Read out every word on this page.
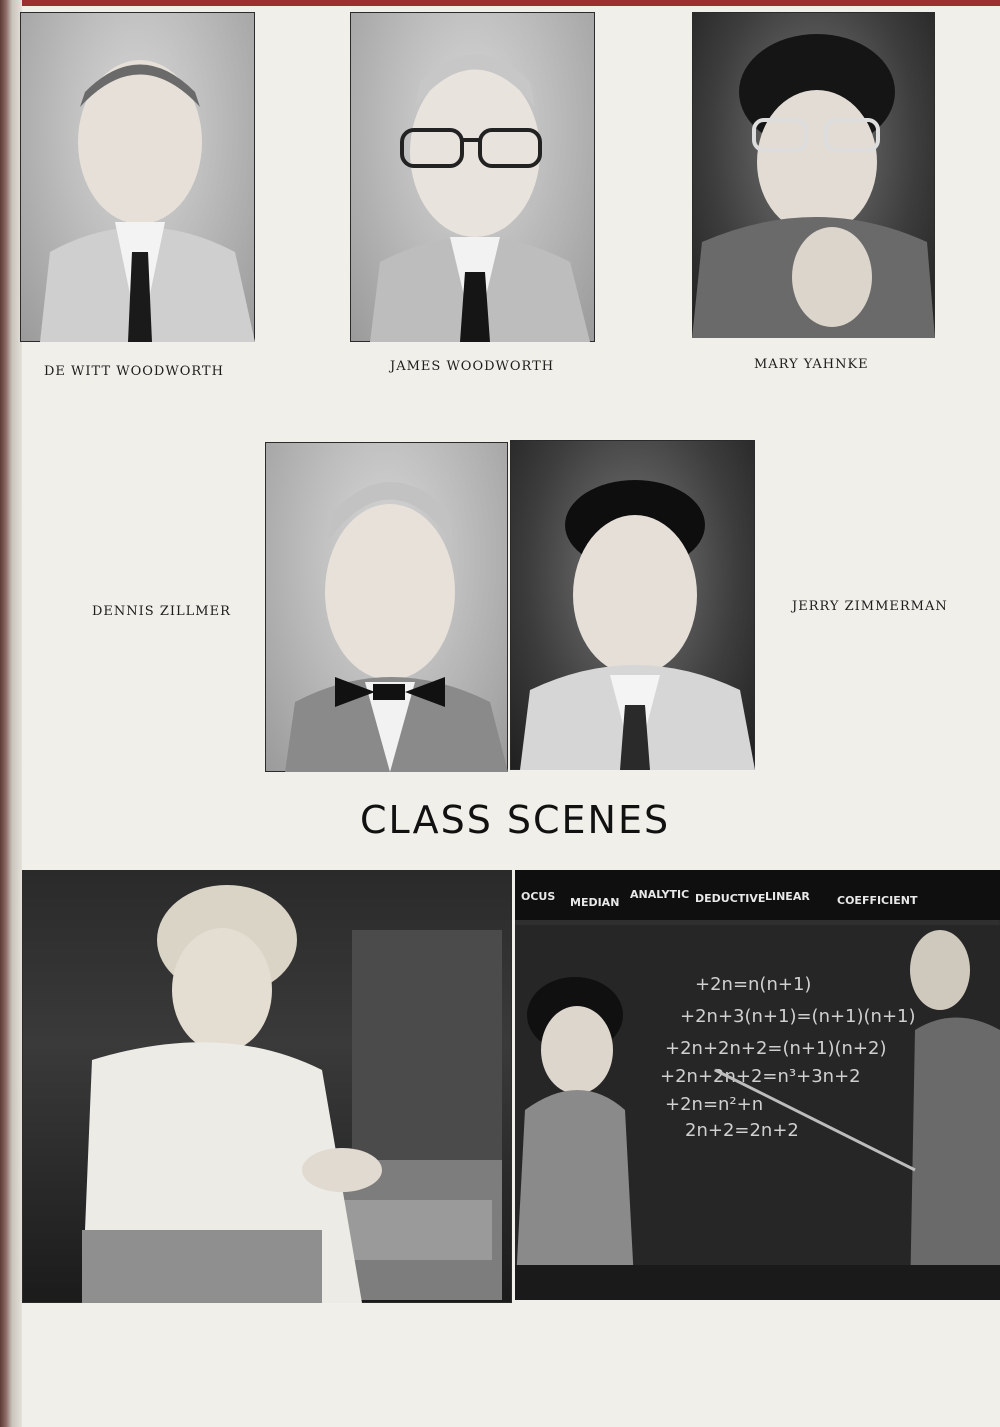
DE WITT WOODWORTH	JAMES WOODWORTH	MARY YAHNKE
DENNIS ZILLMER	JERRY ZIMMERMAN
CLASS SCENES
OCUS MEDIAN
ANALYTIC DEDUCTIVE LINEAR COEFFICIENT
+2n=n(n+1)
+2n+3(n+1)=(n+1)(n+1)
+2n+2n+2=(n+1)(n+2)
+2n+2n+2=n³+3n+2
+2n=n²+n
2n+2=2n+2
